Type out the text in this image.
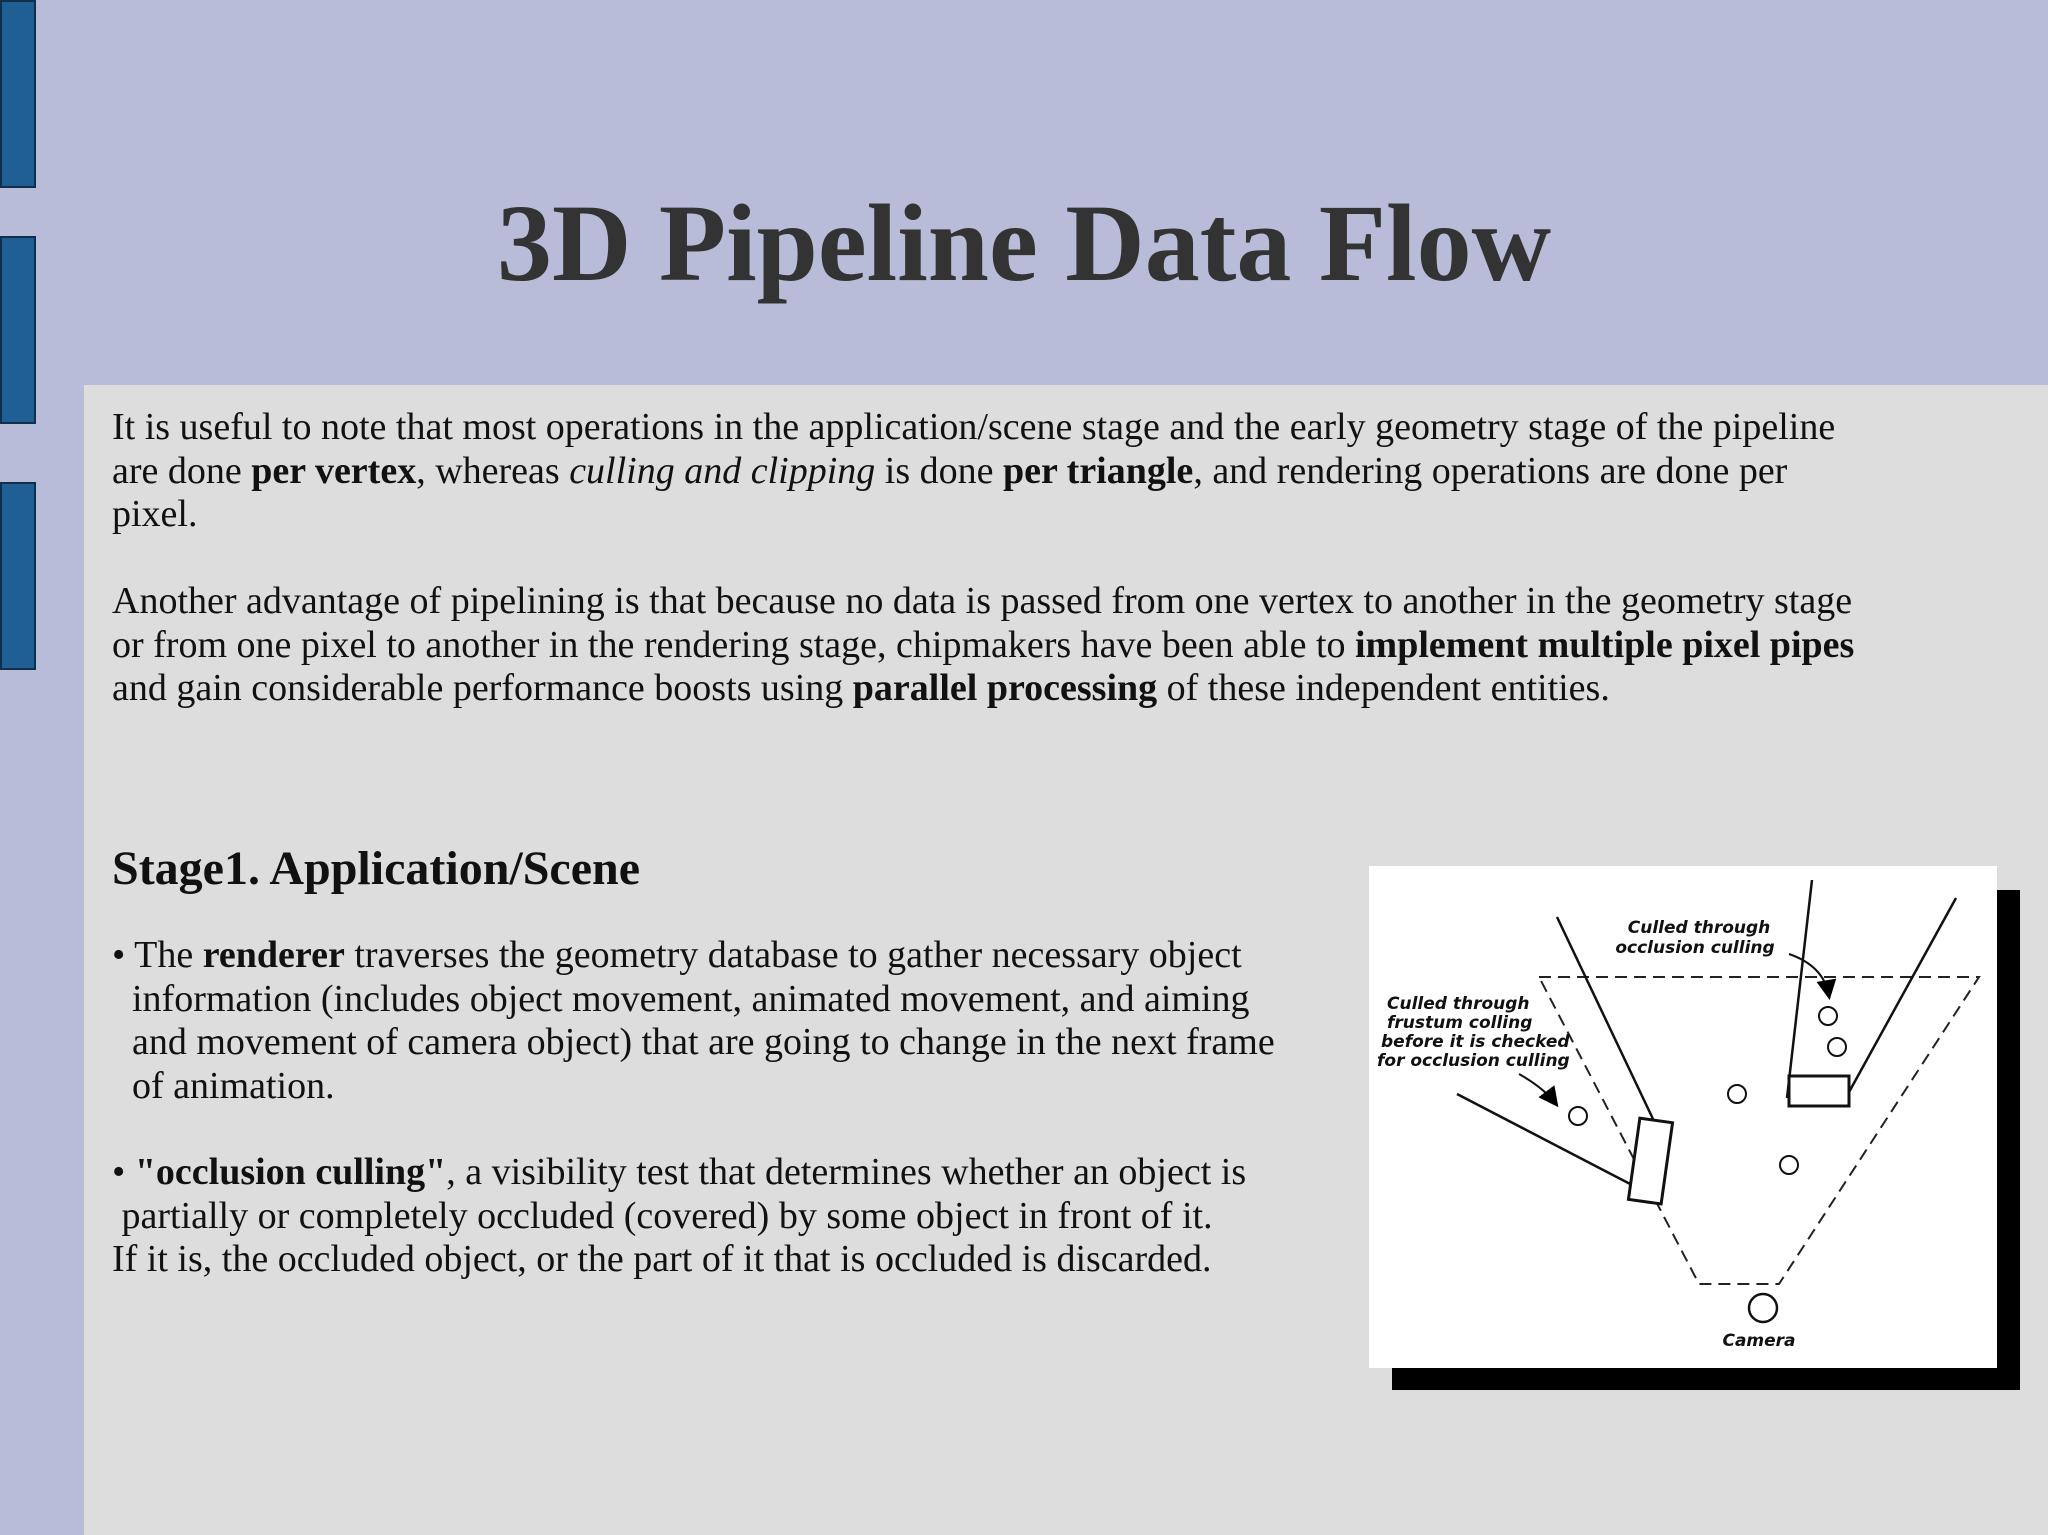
3D Pipeline Data Flow

It is useful to note that most operations in the application/scene stage and the early geometry stage of the pipeline
are done per vertex, whereas culling and clipping is done per triangle, and rendering operations are done per
pixel.

Another advantage of pipelining is that because no data is passed from one vertex to another in the geometry stage
or from one pixel to another in the rendering stage, chipmakers have been able to implement multiple pixel pipes
and gain considerable performance boosts using parallel processing of these independent entities.

Stage1. Application/Scene

• The renderer traverses the geometry database to gather necessary object
information (includes object movement, animated movement, and aiming
and movement of camera object) that are going to change in the next frame
of animation.

• "occlusion culling", a visibility test that determines whether an object is
partially or completely occluded (covered) by some object in front of it.
If it is, the occluded object, or the part of it that is occluded is discarded.

Culled through
occlusion culling
Culled through
frustum colling
before it is checked
for occlusion culling
Camera
